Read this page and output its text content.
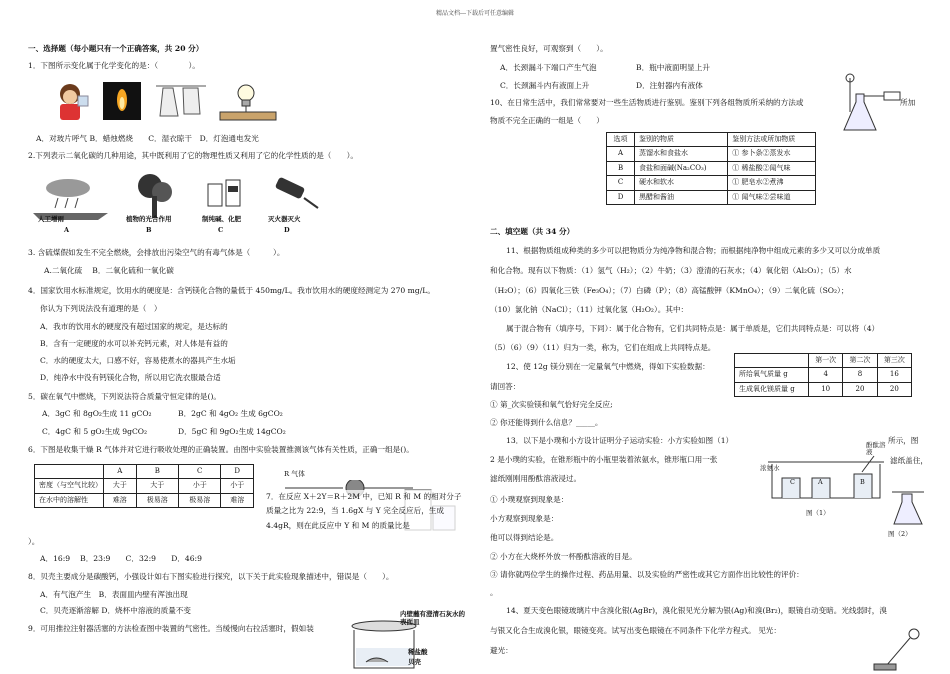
精品文档---下载后可任意编辑
一、选择题（每小题只有一个正确答案，共 20 分）
1．下图所示变化属于化学变化的是：（　　　　）。
A．对玻片呼气 B．蜡烛燃烧　　C．湿衣晾干　D．灯泡通电发光
2.下列表示二氧化碳的几种用途，其中既利用了它的物理性质又利用了它的化学性质的是（　　）。
人工增雨	植物的光合作用	制纯碱、化肥	灭火器灭火
A	B	C	D
3. 含硫煤假如发生不完全燃烧，会排放出污染空气的有毒气体是（　　　）。
A.二氧化硫　 B．二氧化硫和一氧化碳
4．国家饮用水标准规定，饮用水的硬度是：含钙镁化合物的量低于 450mg/L。我市饮用水的硬度经测定为 270 mg/L。
你认为下列说法没有道理的是（　）
A．我市的饮用水的硬度没有超过国家的规定，是达标的
B．含有一定硬度的水可以补充钙元素，对人体是有益的
C．水的硬度太大，口感不好，容易使煮水的器具产生水垢
D．纯净水中没有钙镁化合物，所以用它洗衣服最合适
5．碳在氧气中燃烧，下列说法符合质量守恒定律的是()。
A．3gC 和 8gO₂生成 11 gCO₂	B．2gC 和 4gO₂ 生成 6gCO₂
C．4gC 和 5 gO₂生成 9gCO₂	D．5gC 和 9gO₂生成 14gCO₂
6．下图是收集干燥 R 气体并对它进行吸收处理的正确装置。由图中实验装置推测该气体有关性质，正确一组是()。
	A	B	C	D
密度（与空气比较）	大于	大于	小于	小于
在水中的溶解性	难溶	极易溶	极易溶	难溶
R 气体
7．在反应 X＋2Y＝R＋2M 中，已知 R 和 M 的相对分子质量之比为 22:9，当 1.6gX 与 Y 完全反应后，生成 4.4gR，则在此反应中 Y 和 M 的质量比是
）。
A．16:9　 B．23:9　　C．32:9　　D．46:9
8．贝壳主要成分是碳酸钙，小强设计如右下图实验进行探究，以下关于此实验现象描述中，错误是（　　）。
A．有气泡产生　B．表面皿内壁有浑浊出现
C．贝壳逐渐溶解 D．烧杯中溶液的质量不变	内壁蘸有澄清石灰水的表面皿
稀盐酸
贝壳
9．可用推拉注射器活塞的方法检查图中装置的气密性。当缓慢向右拉活塞时，假如装
置气密性良好，可观察到（　　）。
A．长颈漏斗下端口产生气泡	B．瓶中液面明显上升
C．长颈漏斗内有液面上升	D．注射器内有液体
10、在日常生活中，我们常常要对一些生活物质进行鉴别。鉴别下列各组物质所采纳的方法或	所加
物质不完全正确的一组是（　　）
选项	鉴别的物质	鉴别方法或所加物质
A	蒸馏水和食盐水	① 参卜条②蒸发水
B	食盐和面碱(Na₂CO₃)	① 稀盐酸②闻气味
C	硬水和软水	① 肥皂水②煮沸
D	黑醋和酱油	① 闻气味②尝味道
二、填空题（共 34 分）
11、根据物质组成种类的多少可以把物质分为纯净物和混合物；而根据纯净物中组成元素的多少又可以分成单质
和化合物。现有以下物质：（1）氢气（H₂）；（2）牛奶；（3）澄清的石灰水；（4）氧化铝（Al₂O₃）；（5）水
（H₂O）；（6）四氧化三铁（Fe₃O₄）；（7）白磷（P）；（8）高锰酸钾（KMnO₄）；（9）二氧化硫（SO₂）；
（10）氯化钠（NaCl）；（11）过氧化氢（H₂O₂）。其中：
属于混合物有（填序号，下同）：属于化合物有，它们共同特点是：属于单质是，它们共同特点是：可以将（4）
（5）（6）（9）（11）归为一类，称为，它们在组成上共同特点是。
12、使 12g 镁分别在一定量氧气中燃烧，得如下实验数据：
	第一次	第二次	第三次
所给氧气质量 g	4	8	16
生成氧化镁质量 g	10	20	20
请回答：
① 第_次实验镁和氧气恰好完全反应;
② 你还能得到什么信息？_____。
13．以下是小璞和小方设计证明分子运动实验：小方实验如图（1）	所示，图
2 是小璞的实验，在锥形瓶中的小瓶里装着浓氨水，锥形瓶口用一张
滤纸刚刚用酚酞溶液浸过。
滤纸盖住，
浓氨水
酚酞溶液
C	A	B
图（1）
图（2）
① 小璞观察到现象是：
小方观察到现象是：
他可以得到结论是。
② 小方在大烧杯外放一杯酚酞溶液的目是。
③ 请你就两位学生的操作过程、药品用量、以及实验的严密性或其它方面作出比较性的评价：
。
14、夏天变色眼镜玻璃片中含溴化银(AgBr)，溴化银见光分解为银(Ag)和溴(Br₂)，眼镜自动变暗。光线弱时，溴
与银又化合生成溴化银，眼镜变亮。试写出变色眼镜在不同条件下化学方程式。 见光：
避光：
